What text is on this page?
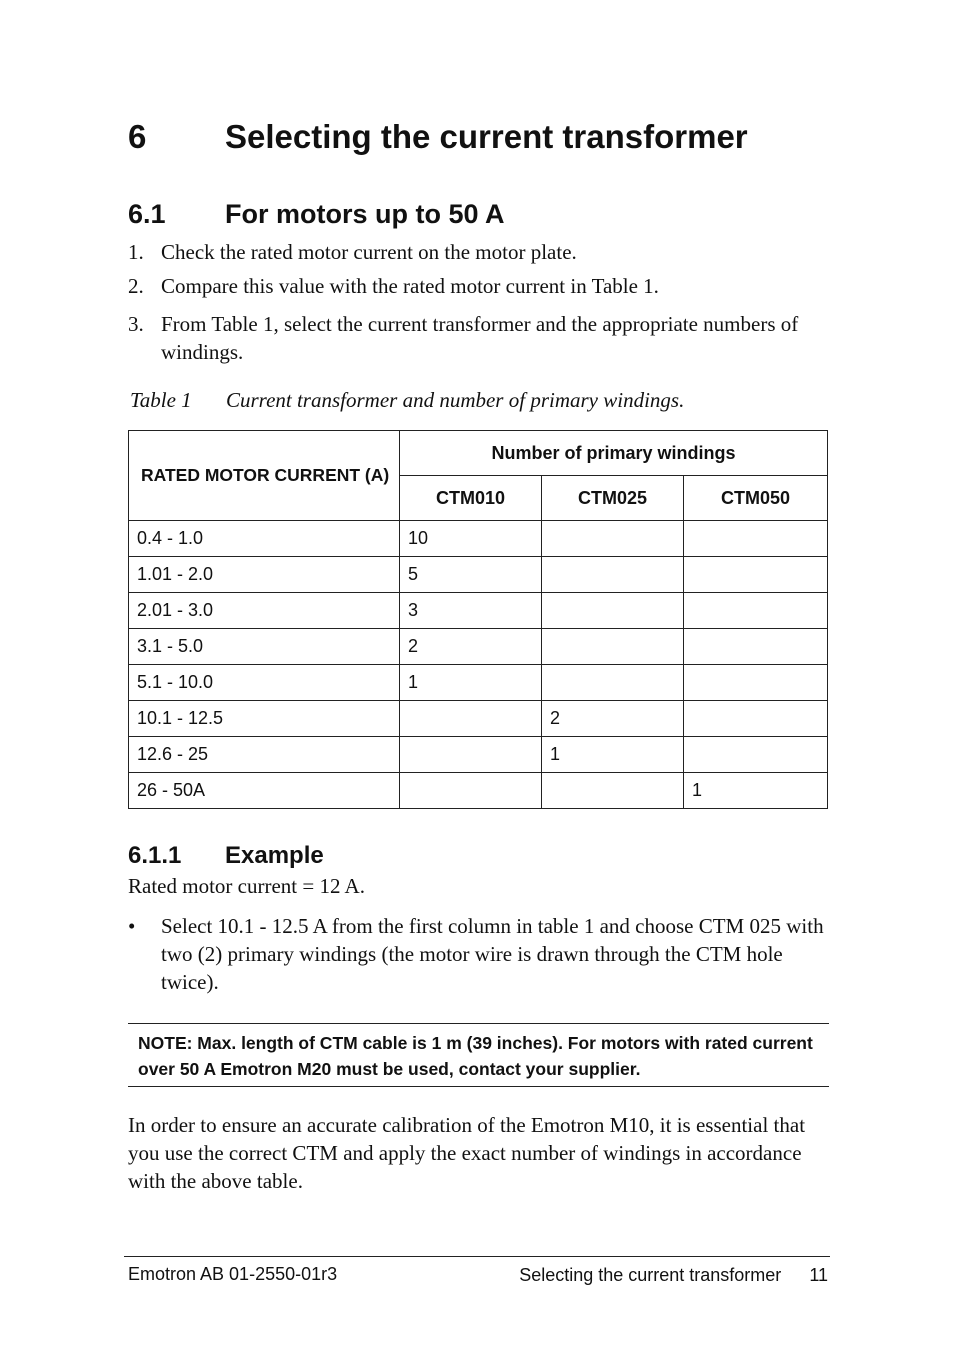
6 Selecting the current transformer
6.1 For motors up to 50 A
1. Check the rated motor current on the motor plate.
2. Compare this value with the rated motor current in Table 1.
3. From Table 1, select the current transformer and the appropriate numbers of windings.
Table 1 Current transformer and number of primary windings.
RATED MOTOR CURRENT (A)	Number of primary windings		
	CTM010	CTM025	CTM050
0.4 - 1.0	10		
1.01 - 2.0	5		
2.01 - 3.0	3		
3.1 - 5.0	2		
5.1 - 10.0	1		
10.1 - 12.5		2	
12.6 - 25		1	
26 - 50A			1
6.1.1 Example
Rated motor current = 12 A.
• Select 10.1 - 12.5 A from the first column in table 1 and choose CTM 025 with two (2) primary windings (the motor wire is drawn through the CTM hole twice).
NOTE: Max. length of CTM cable is 1 m (39 inches). For motors with rated current over 50 A Emotron M20 must be used, contact your supplier.
In order to ensure an accurate calibration of the Emotron M10, it is essential that you use the correct CTM and apply the exact number of windings in accordance with the above table.
Emotron AB 01-2550-01r3	Selecting the current transformer 11
